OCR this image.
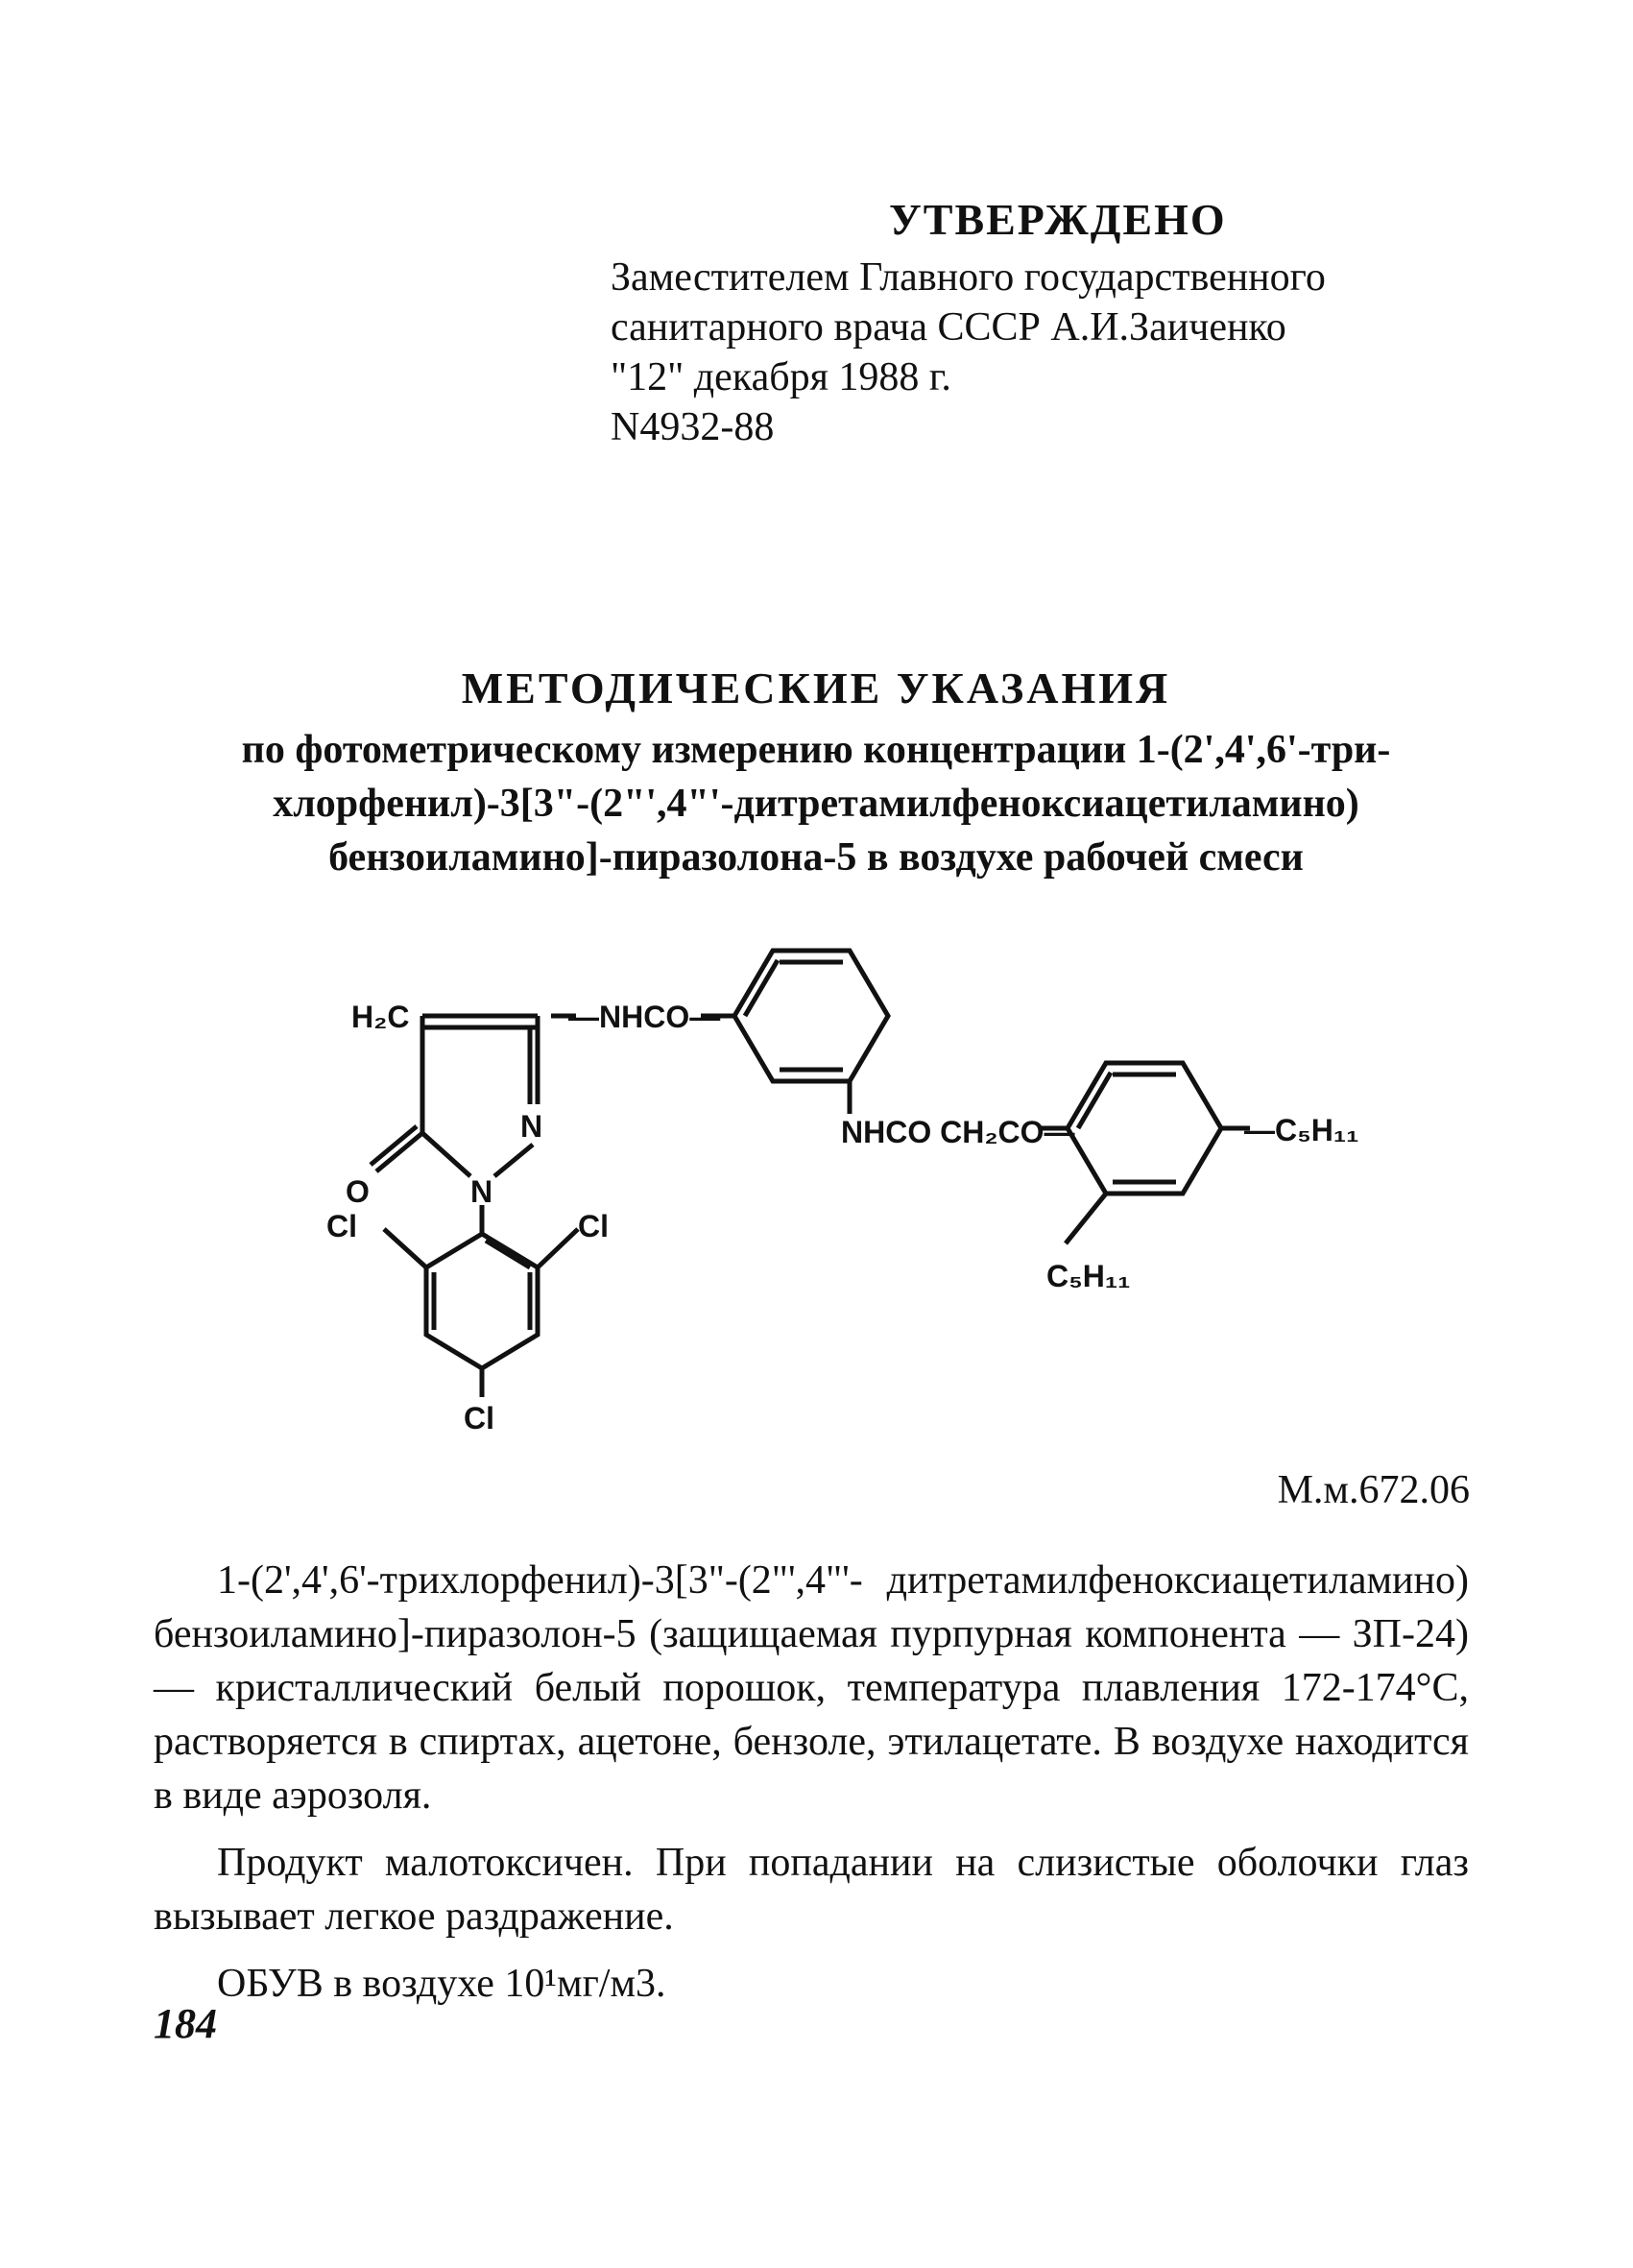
УТВЕРЖДЕНО
Заместителем Главного государственного
санитарного врача СССР А.И.Заиченко
"12" декабря 1988 г.
N4932-88
МЕТОДИЧЕСКИЕ УКАЗАНИЯ
по фотометрическому измерению концентрации 1-(2',4',6'-три-
хлорфенил)-3[3"-(2"',4"'-дитретамилфеноксиацетиламино)
бензоиламино]-пиразолона-5 в воздухе рабочей смеси
H₂C	—NHCO—
N
N
O
Cl	Cl
Cl
NHCO CH₂CO—	—C₅H₁₁
C₅H₁₁
М.м.672.06

1-(2',4',6'-трихлорфенил)-3[3"-(2"',4"'- дитретамилфеноксиацетиламино) бензоиламино]-пиразолон-5 (защищаемая пурпурная компонента — ЗП-24) — кристаллический белый порошок, температура плавления 172-174°С, растворяется в спиртах, ацетоне, бензоле, этилацетате. В воздухе находится в виде аэрозоля.

Продукт малотоксичен. При попадании на слизистые оболочки глаз вызывает легкое раздражение.

ОБУВ в воздухе 10¹мг/м3.

184
